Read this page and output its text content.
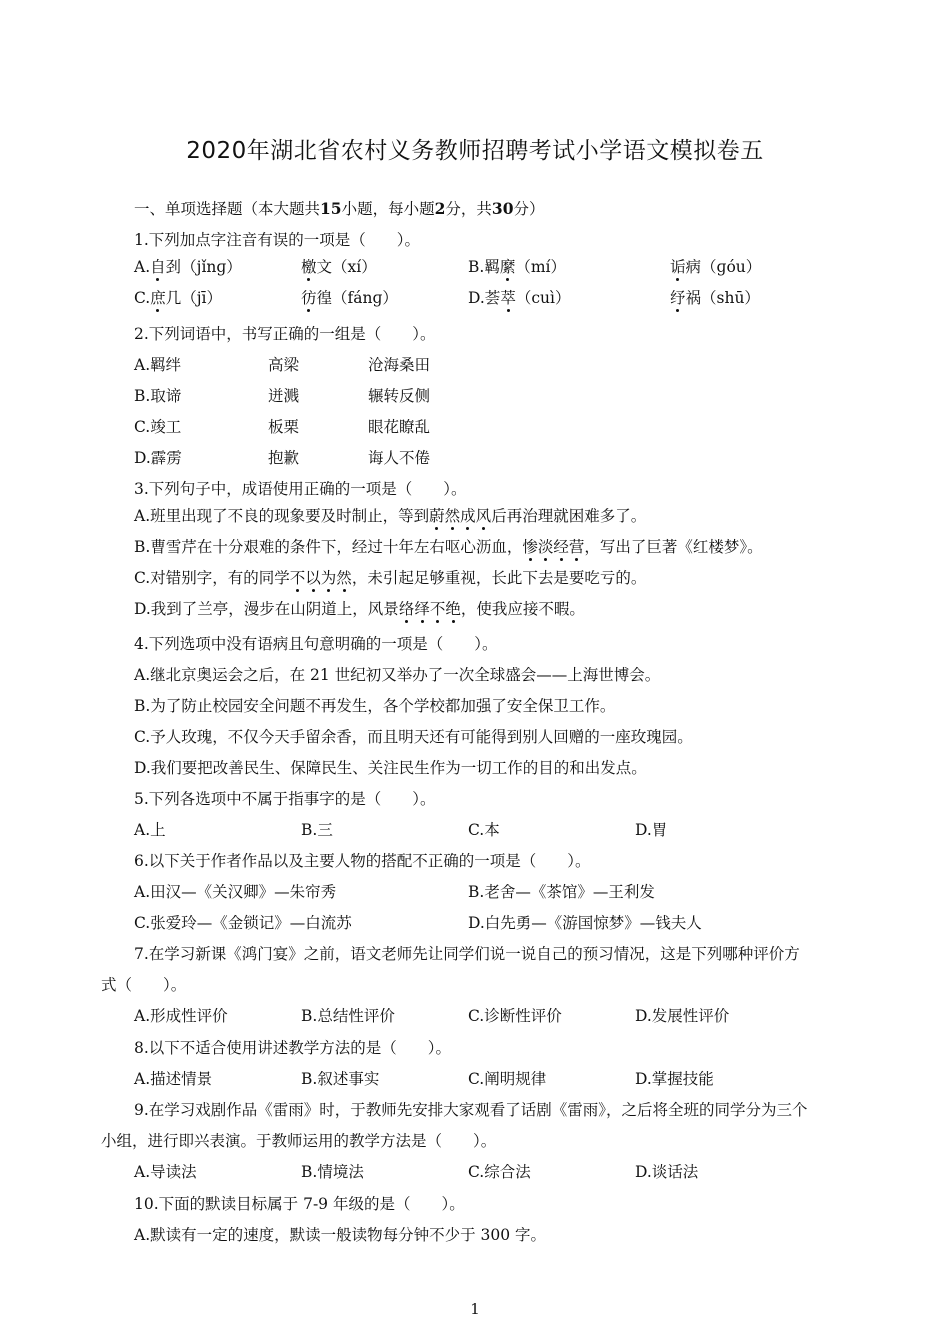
2020年湖北省农村义务教师招聘考试小学语文模拟卷五
一、单项选择题（本大题共15小题，每小题2分，共30分）
1.下列加点字注音有误的一项是（　　）。
A.自刭（jǐnɡ）	檄文（xí）	B.羁縻（mí）	诟病（ɡóu）
C.庶几（jī）	彷徨（fánɡ）	D.荟萃（cuì）	纾祸（shū）
2.下列词语中，书写正确的一组是（　　）。
A.羁绊	高梁	沧海桑田
B.取谛	迸溅	辗转反侧
C.竣工	板栗	眼花瞭乱
D.霹雳	抱歉	诲人不倦
3.下列句子中，成语使用正确的一项是（　　）。
A.班里出现了不良的现象要及时制止，等到蔚然成风后再治理就困难多了。
B.曹雪芹在十分艰难的条件下，经过十年左右呕心沥血，惨淡经营，写出了巨著《红楼梦》。
C.对错别字，有的同学不以为然，未引起足够重视，长此下去是要吃亏的。
D.我到了兰亭，漫步在山阴道上，风景络绎不绝，使我应接不暇。
4.下列选项中没有语病且句意明确的一项是（　　）。
A.继北京奥运会之后，在 21 世纪初又举办了一次全球盛会——上海世博会。
B.为了防止校园安全问题不再发生，各个学校都加强了安全保卫工作。
C.予人玫瑰，不仅今天手留余香，而且明天还有可能得到别人回赠的一座玫瑰园。
D.我们要把改善民生、保障民生、关注民生作为一切工作的目的和出发点。
5.下列各选项中不属于指事字的是（　　）。
A.上	B.三	C.本	D.胃
6.以下关于作者作品以及主要人物的搭配不正确的一项是（　　）。
A.田汉—《关汉卿》—朱帘秀	B.老舍—《茶馆》—王利发
C.张爱玲—《金锁记》—白流苏	D.白先勇—《游国惊梦》—钱夫人
7.在学习新课《鸿门宴》之前，语文老师先让同学们说一说自己的预习情况，这是下列哪种评价方
式（　　）。
A.形成性评价	B.总结性评价	C.诊断性评价	D.发展性评价
8.以下不适合使用讲述教学方法的是（　　）。
A.描述情景	B.叙述事实	C.阐明规律	D.掌握技能
9.在学习戏剧作品《雷雨》时，于教师先安排大家观看了话剧《雷雨》，之后将全班的同学分为三个
小组，进行即兴表演。于教师运用的教学方法是（　　）。
A.导读法	B.情境法	C.综合法	D.谈话法
10.下面的默读目标属于 7-9 年级的是（　　）。
A.默读有一定的速度，默读一般读物每分钟不少于 300 字。
1
